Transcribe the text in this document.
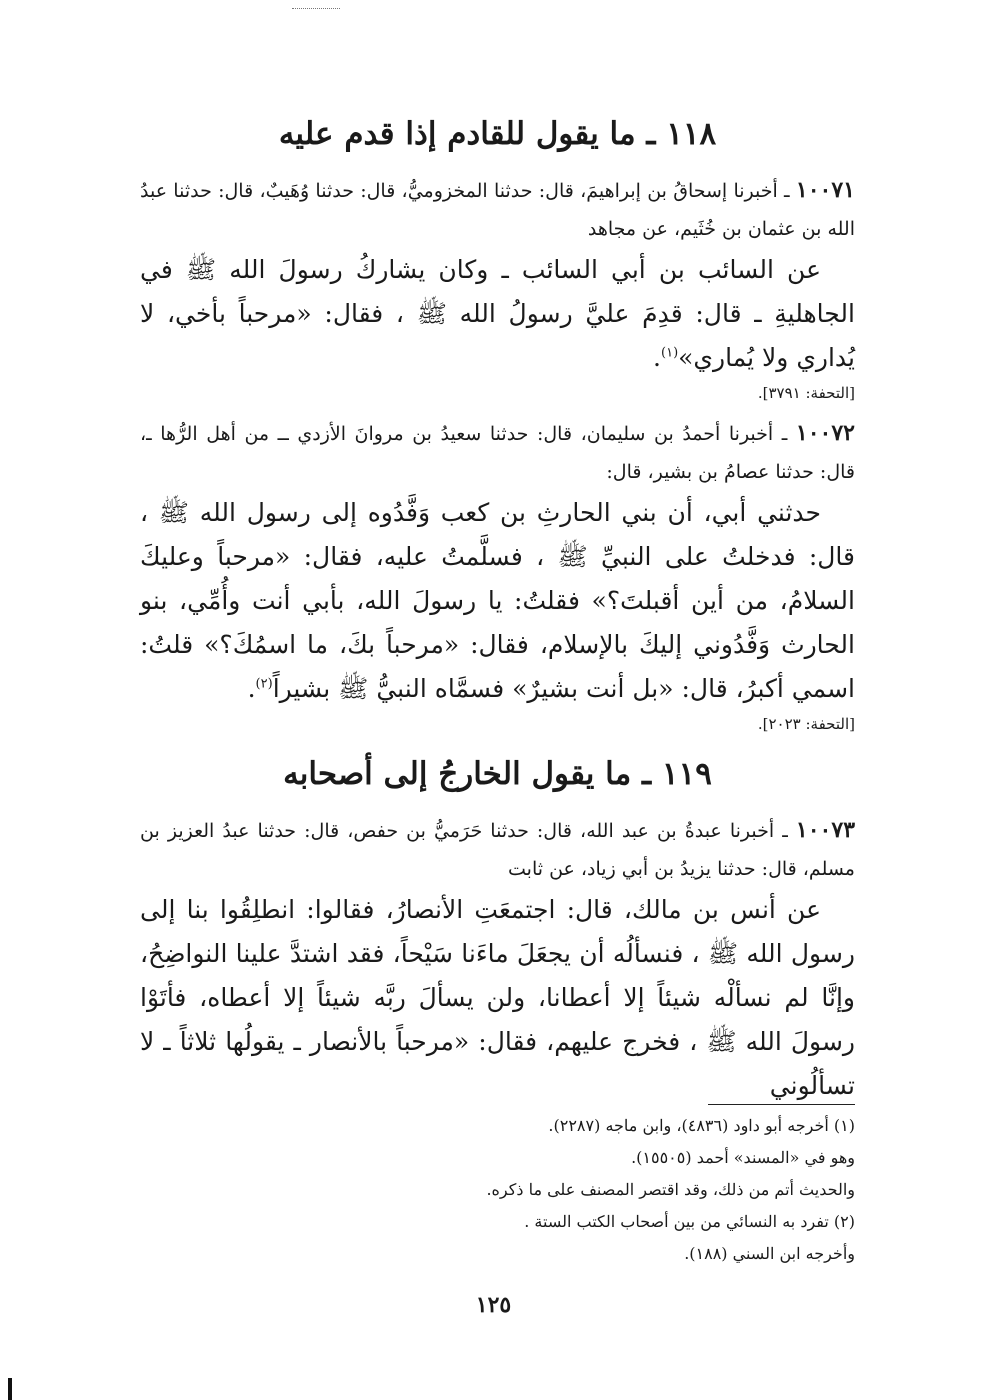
١١٨ ـ ما يقول للقادم إذا قدم عليه

١٠٠٧١ ـ أخبرنا إسحاقُ بن إبراهيمَ، قال: حدثنا المخزوميُّ، قال: حدثنا وُهَيبٌ، قال: حدثنا عبدُ الله بن عثمان بن خُثَيم، عن مجاهد

عن السائب بن أبي السائب ـ وكان يشاركُ رسولَ الله ﷺ في الجاهليةِ ـ قال: قدِمَ عليَّ رسولُ الله ﷺ ، فقال: «مرحباً بأخي، لا يُداري ولا يُماري»$^{(١)}$.

[التحفة: ٣٧٩١].

١٠٠٧٢ ـ أخبرنا أحمدُ بن سليمان، قال: حدثنا سعيدُ بن مروانَ الأزدي ــ من أهل الرُّها ـ، قال: حدثنا عصامُ بن بشير، قال:

حدثني أبي، أن بني الحارثِ بن كعب وَفَّدُوه إلى رسول الله ﷺ ، قال: فدخلتُ على النبيِّ ﷺ ، فسلَّمتُ عليه، فقال: «مرحباً وعليكَ السلامُ، من أين أقبلتَ؟» فقلتُ: يا رسولَ الله، بأبي أنت وأُمِّي، بنو الحارث وَفَّدُوني إليكَ بالإسلام، فقال: «مرحباً بكَ، ما اسمُكَ؟» قلتُ: اسمي أكبرُ، قال: «بل أنت بشيرٌ» فسمَّاه النبيُّ ﷺ بشيراً$^{(٢)}$.

[التحفة: ٢٠٢٣].

١١٩ ـ ما يقول الخارجُ إلى أصحابه

١٠٠٧٣ ـ أخبرنا عبدةُ بن عبد الله، قال: حدثنا حَرَميُّ بن حفص، قال: حدثنا عبدُ العزيز بن مسلم، قال: حدثنا يزيدُ بن أبي زياد، عن ثابت

عن أنس بن مالك، قال: اجتمعَتِ الأنصارُ، فقالوا: انطلِقُوا بنا إلى رسول الله ﷺ ، فنسألُه أن يجعَلَ ماءَنا سَيْحاً، فقد اشتدَّ علينا النواضِحُ، وإنَّا لم نسألْه شيئاً إلا أعطانا، ولن يسألَ ربَّه شيئاً إلا أعطاه، فأتَوْا رسولَ الله ﷺ ، فخرج عليهم، فقال: «مرحباً بالأنصار ـ يقولُها ثلاثاً ـ لا تسألُوني

(١) أخرجه أبو داود (٤٨٣٦)، وابن ماجه (٢٢٨٧).

وهو في «المسند» أحمد (١٥٥٠٥).

والحديث أتم من ذلك، وقد اقتصر المصنف على ما ذكره.

(٢) تفرد به النسائي من بين أصحاب الكتب الستة .

وأخرجه ابن السني (١٨٨).

١٢٥
